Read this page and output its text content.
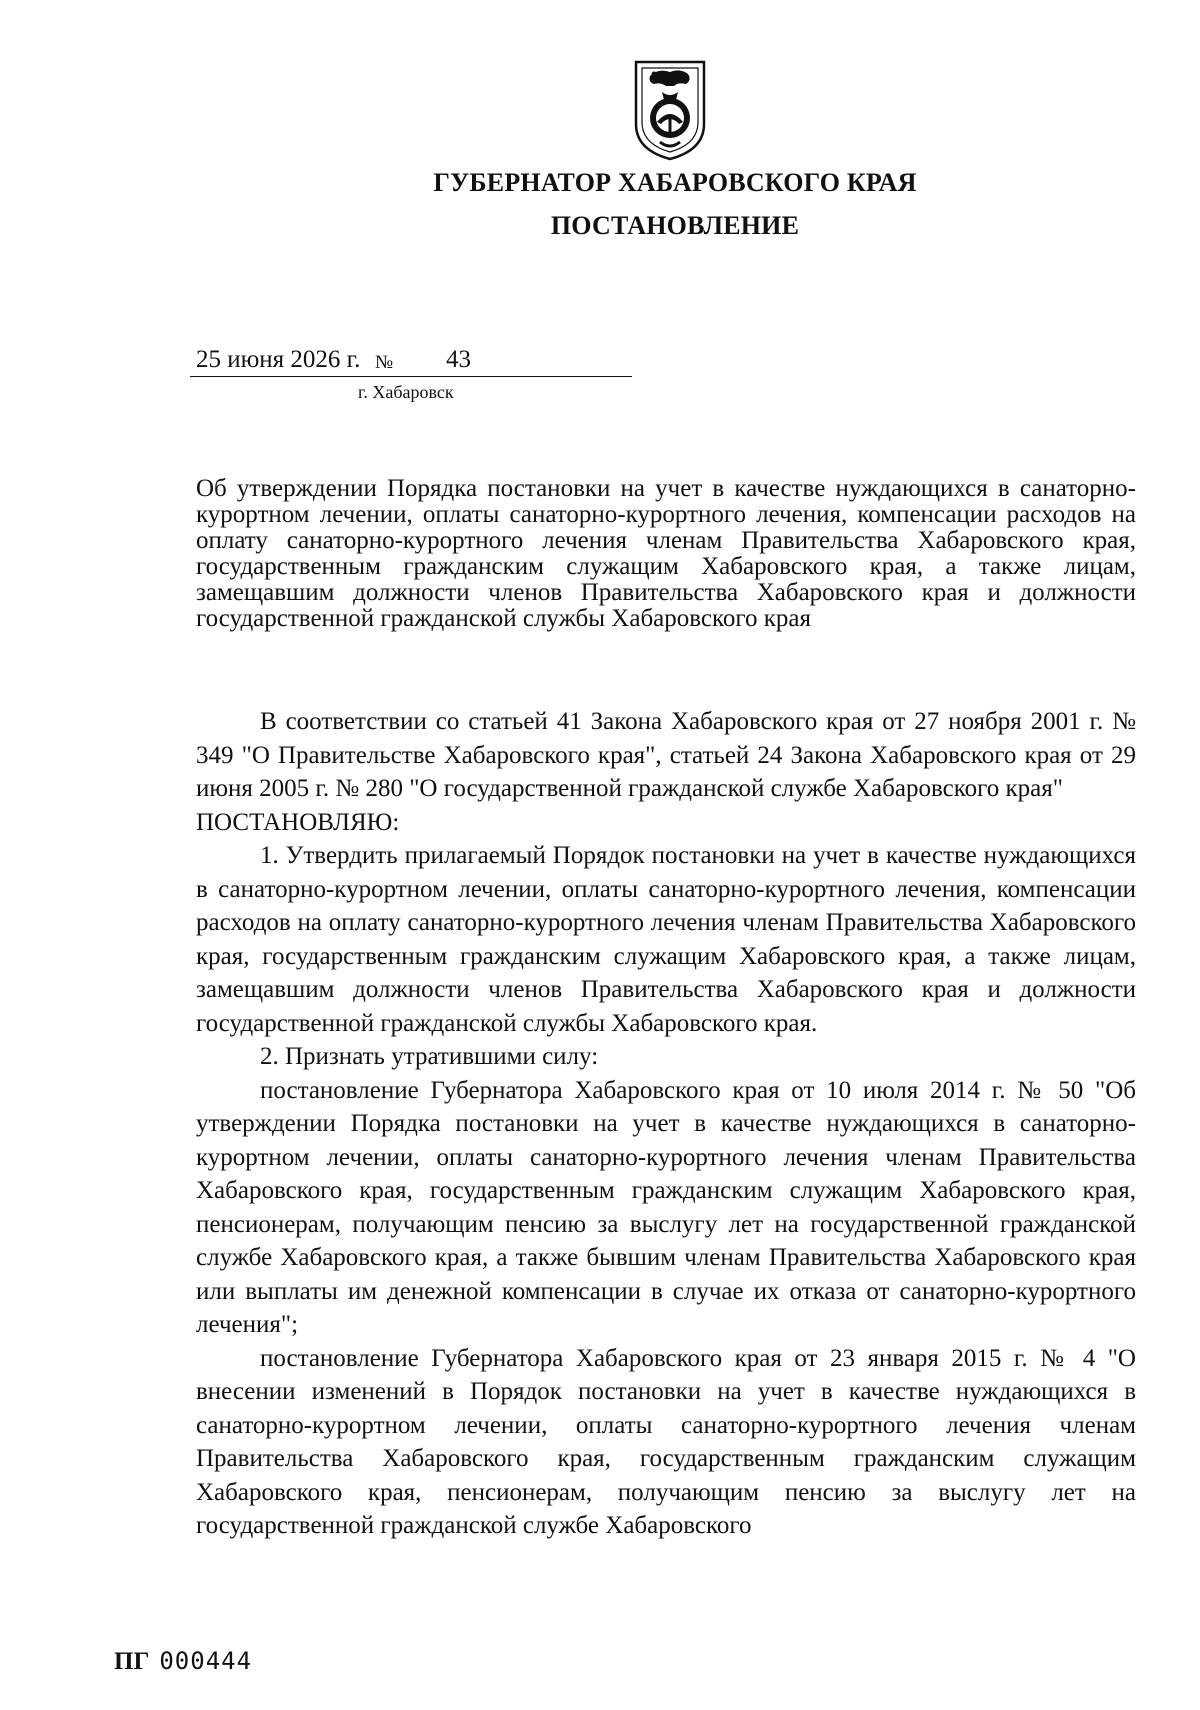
ГУБЕРНАТОР ХАБАРОВСКОГО КРАЯ
ПОСТАНОВЛЕНИЕ
25 июня 2026 г. № 43
г. Хабаровск
Об утверждении Порядка постановки на учет в качестве нуждающихся в санаторно-курортном лечении, оплаты санаторно-курортного лечения, компенсации расходов на оплату санаторно-курортного лечения членам Правительства Хабаровского края, государственным гражданским служащим Хабаровского края, а также лицам, замещавшим должности членов Правительства Хабаровского края и должности государственной гражданской службы Хабаровского края

В соответствии со статьей 41 Закона Хабаровского края от 27 ноября 2001 г. № 349 "О Правительстве Хабаровского края", статьей 24 Закона Хабаровского края от 29 июня 2005 г. № 280 "О государственной гражданской службе Хабаровского края"

ПОСТАНОВЛЯЮ:

1. Утвердить прилагаемый Порядок постановки на учет в качестве нуждающихся в санаторно-курортном лечении, оплаты санаторно-курортного лечения, компенсации расходов на оплату санаторно-курортного лечения членам Правительства Хабаровского края, государственным гражданским служащим Хабаровского края, а также лицам, замещавшим должности членов Правительства Хабаровского края и должности государственной гражданской службы Хабаровского края.

2. Признать утратившими силу:

постановление Губернатора Хабаровского края от 10 июля 2014 г. № 50 "Об утверждении Порядка постановки на учет в качестве нуждающихся в санаторно-курортном лечении, оплаты санаторно-курортного лечения членам Правительства Хабаровского края, государственным гражданским служащим Хабаровского края, пенсионерам, получающим пенсию за выслугу лет на государственной гражданской службе Хабаровского края, а также бывшим членам Правительства Хабаровского края или выплаты им денежной компенсации в случае их отказа от санаторно-курортного лечения";

постановление Губернатора Хабаровского края от 23 января 2015 г. № 4 "О внесении изменений в Порядок постановки на учет в качестве нуждающихся в санаторно-курортном лечении, оплаты санаторно-курортного лечения членам Правительства Хабаровского края, государственным гражданским служащим Хабаровского края, пенсионерам, получающим пенсию за выслугу лет на государственной гражданской службе Хабаровского

ПГ 000444
